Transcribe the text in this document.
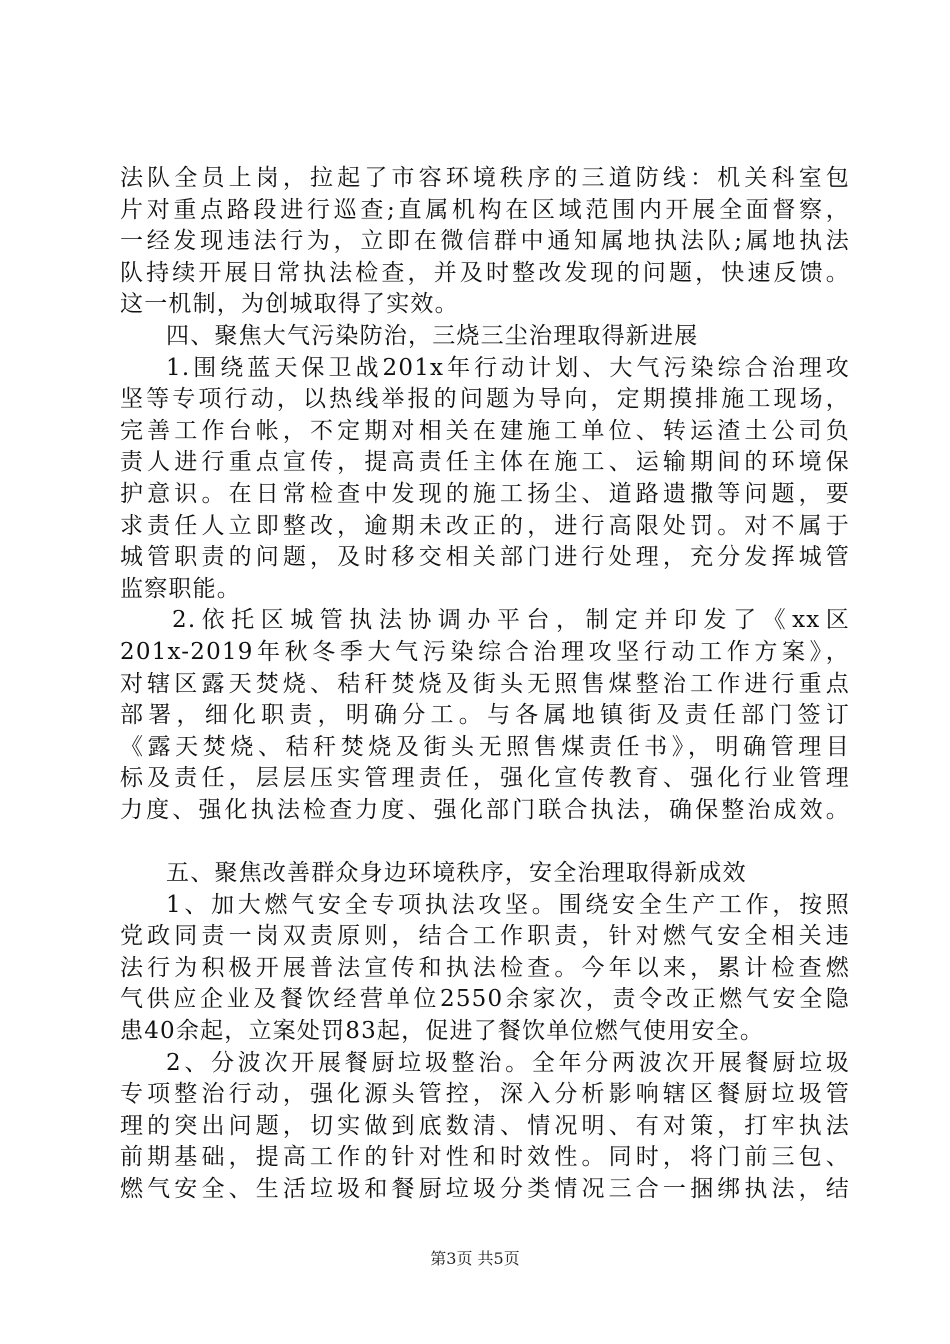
法队全员上岗，拉起了市容环境秩序的三道防线：机关科室包
片对重点路段进行巡查;直属机构在区域范围内开展全面督察，
一经发现违法行为，立即在微信群中通知属地执法队;属地执法
队持续开展日常执法检查，并及时整改发现的问题，快速反馈。
这一机制，为创城取得了实效。
四、聚焦大气污染防治，三烧三尘治理取得新进展
1.围绕蓝天保卫战201x年行动计划、大气污染综合治理攻
坚等专项行动，以热线举报的问题为导向，定期摸排施工现场，
完善工作台帐，不定期对相关在建施工单位、转运渣土公司负
责人进行重点宣传，提高责任主体在施工、运输期间的环境保
护意识。在日常检查中发现的施工扬尘、道路遗撒等问题，要
求责任人立即整改，逾期未改正的，进行高限处罚。对不属于
城管职责的问题，及时移交相关部门进行处理，充分发挥城管
监察职能。
2.依托区城管执法协调办平台，制定并印发了《xx区
201x-2019年秋冬季大气污染综合治理攻坚行动工作方案》，
对辖区露天焚烧、秸秆焚烧及街头无照售煤整治工作进行重点
部署，细化职责，明确分工。与各属地镇街及责任部门签订
《露天焚烧、秸秆焚烧及街头无照售煤责任书》，明确管理目
标及责任，层层压实管理责任，强化宣传教育、强化行业管理
力度、强化执法检查力度、强化部门联合执法，确保整治成效。
五、聚焦改善群众身边环境秩序，安全治理取得新成效
1、加大燃气安全专项执法攻坚。围绕安全生产工作，按照
党政同责一岗双责原则，结合工作职责，针对燃气安全相关违
法行为积极开展普法宣传和执法检查。今年以来，累计检查燃
气供应企业及餐饮经营单位2550余家次，责令改正燃气安全隐
患40余起，立案处罚83起，促进了餐饮单位燃气使用安全。
2、分波次开展餐厨垃圾整治。全年分两波次开展餐厨垃圾
专项整治行动，强化源头管控，深入分析影响辖区餐厨垃圾管
理的突出问题，切实做到底数清、情况明、有对策，打牢执法
前期基础，提高工作的针对性和时效性。同时，将门前三包、
燃气安全、生活垃圾和餐厨垃圾分类情况三合一捆绑执法，结
第3页 共5页
